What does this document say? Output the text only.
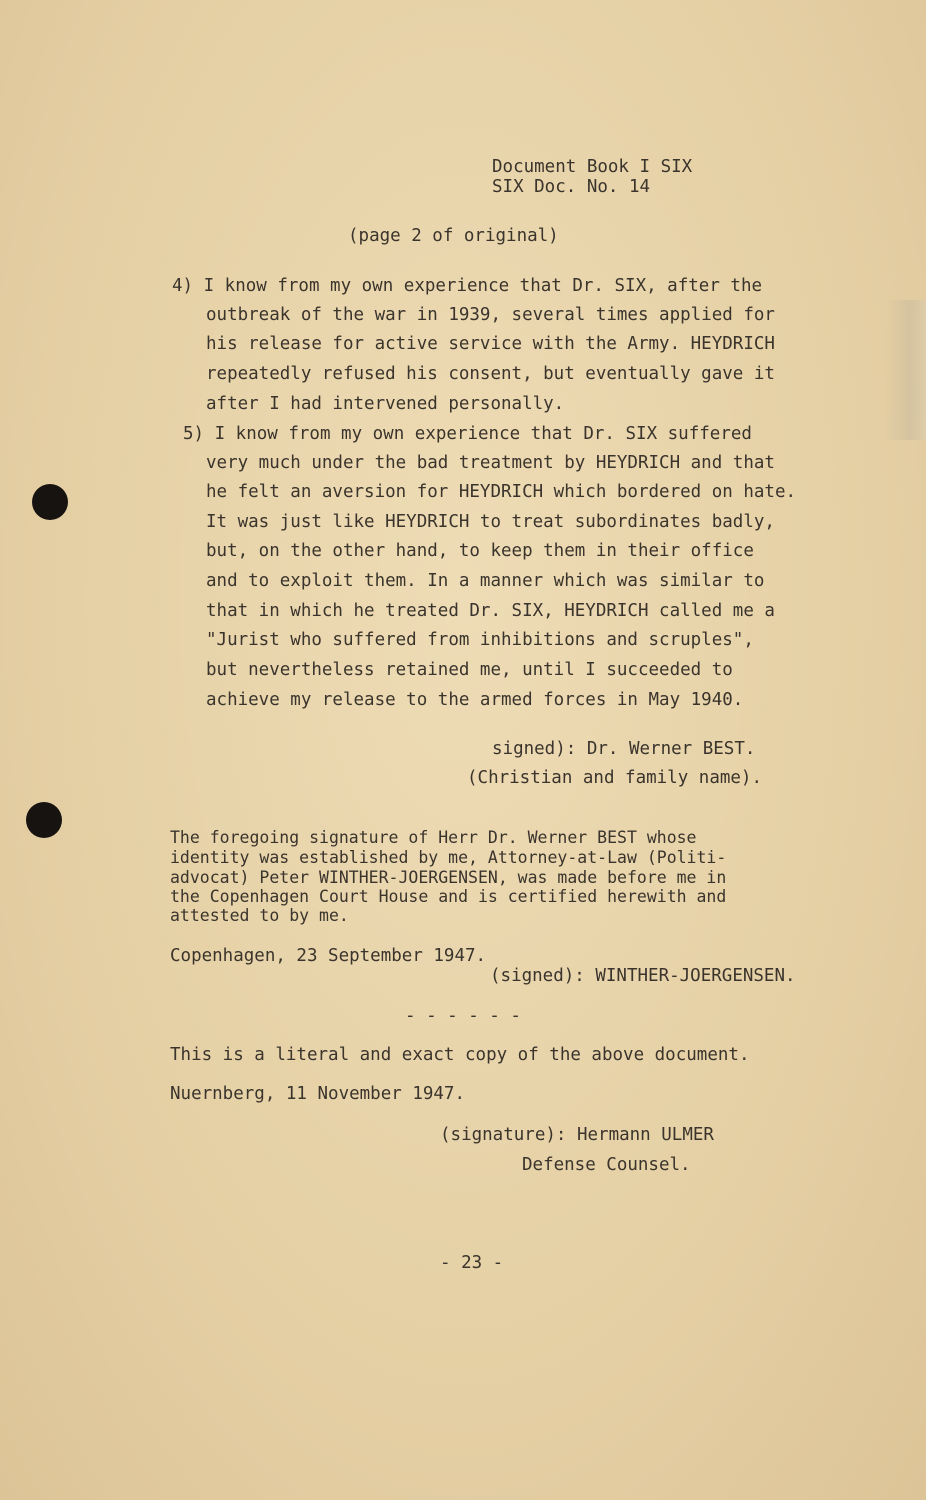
Document Book I SIX
SIX Doc. No. 14
(page 2 of original)
4) I know from my own experience that Dr. SIX, after the
outbreak of the war in 1939, several times applied for
his release for active service with the Army. HEYDRICH
repeatedly refused his consent, but eventually gave it
after I had intervened personally.
5) I know from my own experience that Dr. SIX suffered
very much under the bad treatment by HEYDRICH and that
he felt an aversion for HEYDRICH which bordered on hate.
It was just like HEYDRICH to treat subordinates badly,
but, on the other hand, to keep them in their office
and to exploit them. In a manner which was similar to
that in which he treated Dr. SIX, HEYDRICH called me a
"Jurist who suffered from inhibitions and scruples",
but nevertheless retained me, until I succeeded to
achieve my release to the armed forces in May 1940.
signed): Dr. Werner BEST.
(Christian and family name).
The foregoing signature of Herr Dr. Werner BEST whose
identity was established by me, Attorney-at-Law (Politi-
advocat) Peter WINTHER-JOERGENSEN, was made before me in
the Copenhagen Court House and is certified herewith and
attested to by me.
Copenhagen, 23 September 1947.
(signed): WINTHER-JOERGENSEN.
- - - - - -
This is a literal and exact copy of the above document.
Nuernberg, 11 November 1947.
(signature): Hermann ULMER
Defense Counsel.
- 23 -
